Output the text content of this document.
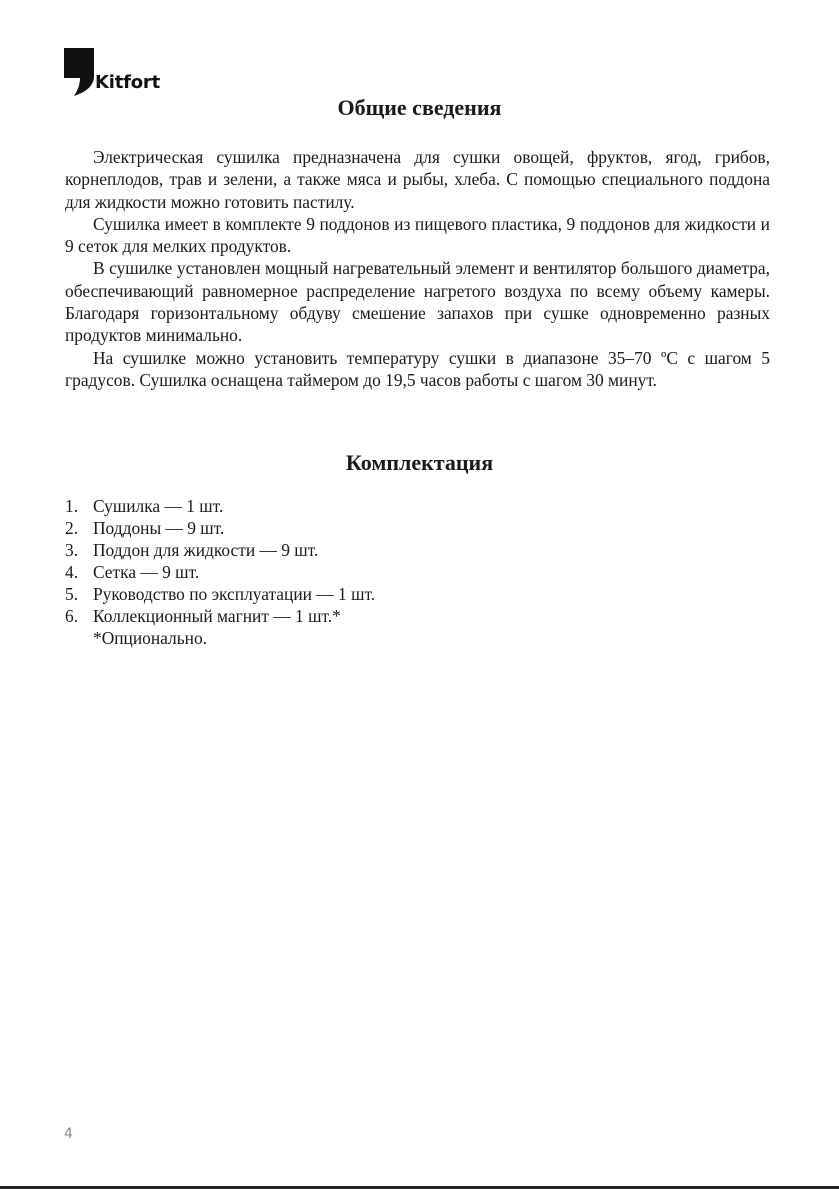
Kitfort
Общие сведения

Электрическая сушилка предназначена для сушки овощей, фруктов, ягод, грибов, корнеплодов, трав и зелени, а также мяса и рыбы, хлеба. С помощью специального поддона для жидкости можно готовить пастилу.

Сушилка имеет в комплекте 9 поддонов из пищевого пластика, 9 поддонов для жидкости и 9 сеток для мелких продуктов.

В сушилке установлен мощный нагревательный элемент и вентилятор большого диаметра, обеспечивающий равномерное распределение нагретого воздуха по всему объему камеры. Благодаря горизонтальному обдуву смешение запахов при сушке одновременно разных продуктов минимально.

На сушилке можно установить температуру сушки в диапазоне 35–70 ºС с шагом 5 градусов. Сушилка оснащена таймером до 19,5 часов работы с шагом 30 минут.

Комплектация
1. Сушилка — 1 шт.
2. Поддоны — 9 шт.
3. Поддон для жидкости — 9 шт.
4. Сетка — 9 шт.
5. Руководство по эксплуатации — 1 шт.
6. Коллекционный магнит — 1 шт.*
*Опционально.
4
